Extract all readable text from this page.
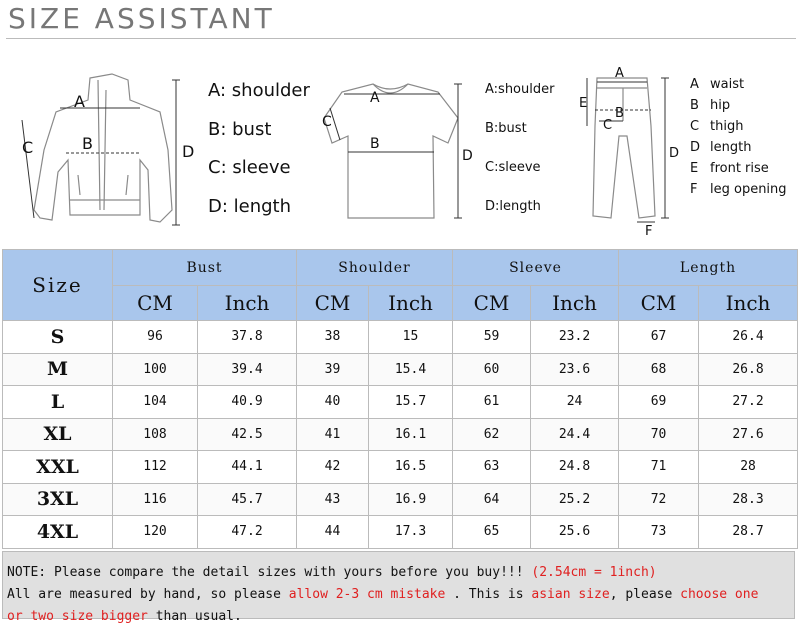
SIZE ASSISTANT
A
B
C	D
A: shoulder
B: bust
C: sleeve
D: length
A
B
C
D
A:shoulder
B:bust
C:sleeve
D:length
A
B
C
D
E
F
A waist
B hip
C thigh
D length
E front rise
F leg opening
Size	Bust		Shoulder		Sleeve		Length	
	CM	Inch	CM	Inch	CM	Inch	CM	Inch
S	96	37.8	38	15	59	23.2	67	26.4
M	100	39.4	39	15.4	60	23.6	68	26.8
L	104	40.9	40	15.7	61	24	69	27.2
XL	108	42.5	41	16.1	62	24.4	70	27.6
XXL	112	44.1	42	16.5	63	24.8	71	28
3XL	116	45.7	43	16.9	64	25.2	72	28.3
4XL	120	47.2	44	17.3	65	25.6	73	28.7
NOTE: Please compare the detail sizes with yours before you buy!!! (2.54cm = 1inch)
All are measured by hand, so please allow 2-3 cm mistake . This is asian size, please choose one
or two size bigger than usual.
